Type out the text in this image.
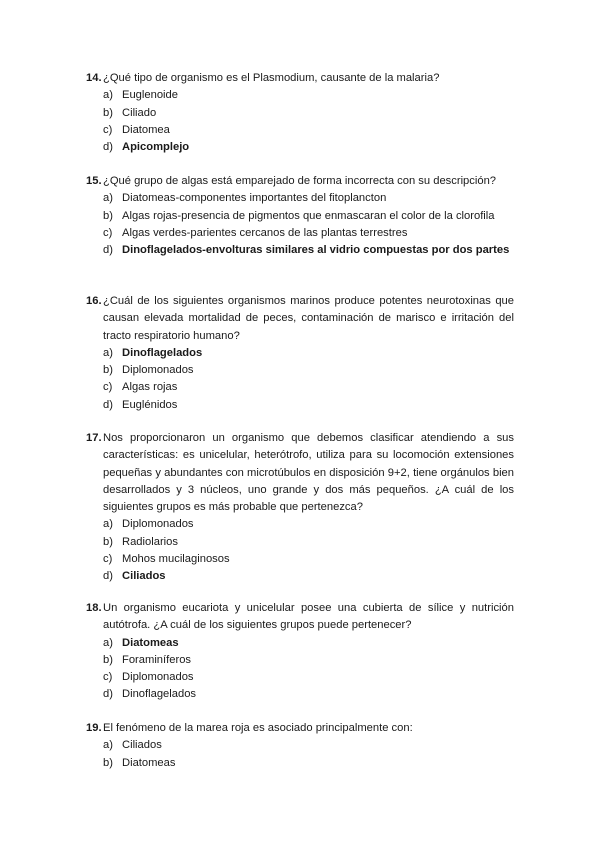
14. ¿Qué tipo de organismo es el Plasmodium, causante de la malaria?
a) Euglenoide
b) Ciliado
c) Diatomea
d) Apicomplejo
15. ¿Qué grupo de algas está emparejado de forma incorrecta con su descripción?
a) Diatomeas-componentes importantes del fitoplancton
b) Algas rojas-presencia de pigmentos que enmascaran el color de la clorofila
c) Algas verdes-parientes cercanos de las plantas terrestres
d) Dinoflagelados-envolturas similares al vidrio compuestas por dos partes
16. ¿Cuál de los siguientes organismos marinos produce potentes neurotoxinas que causan elevada mortalidad de peces, contaminación de marisco e irritación del tracto respiratorio humano?
a) Dinoflagelados
b) Diplomonados
c) Algas rojas
d) Euglénidos
17. Nos proporcionaron un organismo que debemos clasificar atendiendo a sus características: es unicelular, heterótrofo, utiliza para su locomoción extensiones pequeñas y abundantes con microtúbulos en disposición 9+2, tiene orgánulos bien desarrollados y 3 núcleos, uno grande y dos más pequeños. ¿A cuál de los siguientes grupos es más probable que pertenezca?
a) Diplomonados
b) Radiolarios
c) Mohos mucilaginosos
d) Ciliados
18. Un organismo eucariota y unicelular posee una cubierta de sílice y nutrición autótrofa. ¿A cuál de los siguientes grupos puede pertenecer?
a) Diatomeas
b) Foraminíferos
c) Diplomonados
d) Dinoflagelados
19. El fenómeno de la marea roja es asociado principalmente con:
a) Ciliados
b) Diatomeas
